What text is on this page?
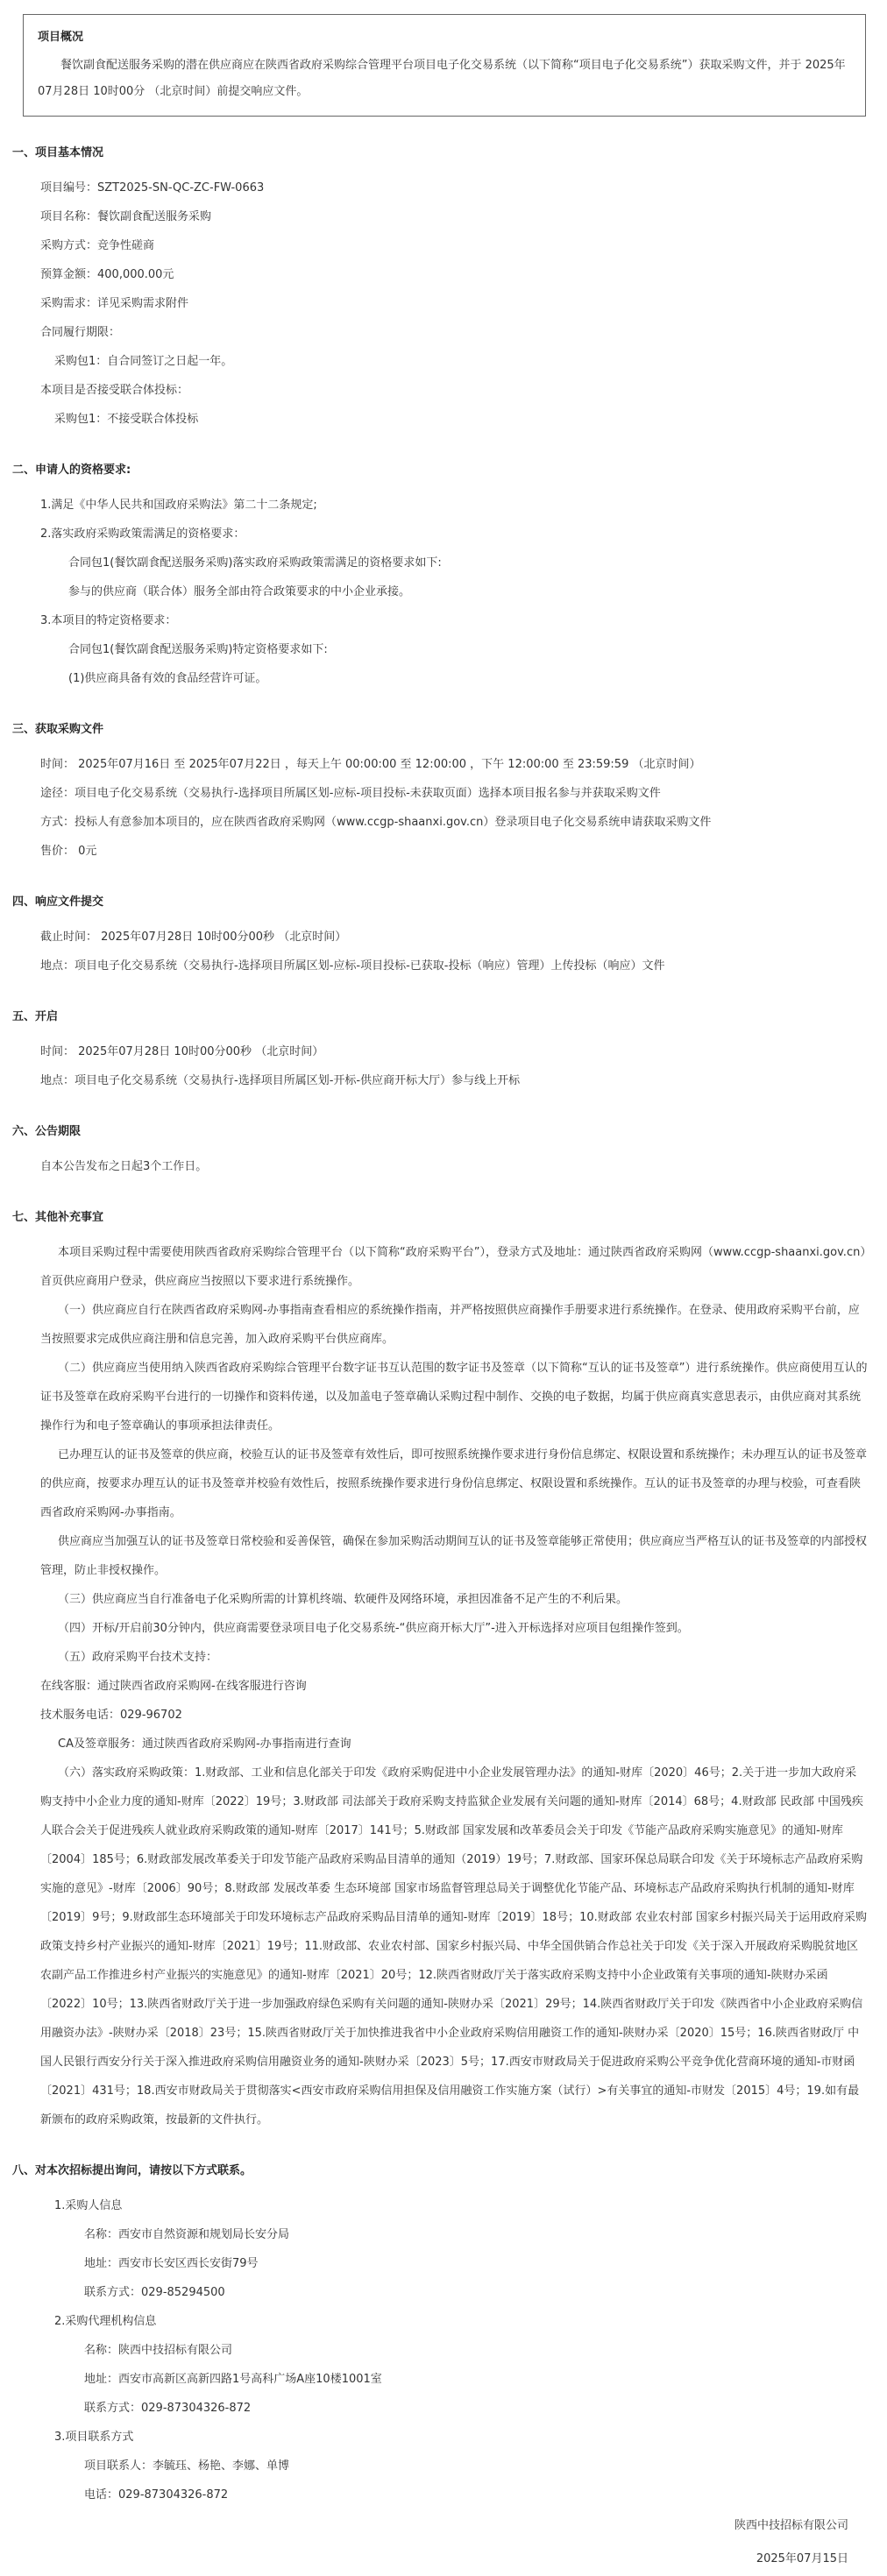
项目概况

餐饮副食配送服务采购的潜在供应商应在陕西省政府采购综合管理平台项目电子化交易系统（以下简称“项目电子化交易系统”）获取采购文件，并于 2025年07月28日 10时00分 （北京时间）前提交响应文件。

一、项目基本情况
项目编号：SZT2025-SN-QC-ZC-FW-0663
项目名称：餐饮副食配送服务采购
采购方式：竞争性磋商
预算金额：400,000.00元
采购需求：详见采购需求附件
合同履行期限：
采购包1：自合同签订之日起一年。
本项目是否接受联合体投标：
采购包1：不接受联合体投标
二、申请人的资格要求:
1.满足《中华人民共和国政府采购法》第二十二条规定;
2.落实政府采购政策需满足的资格要求：
合同包1(餐饮副食配送服务采购)落实政府采购政策需满足的资格要求如下:
参与的供应商（联合体）服务全部由符合政策要求的中小企业承接。
3.本项目的特定资格要求：
合同包1(餐饮副食配送服务采购)特定资格要求如下:
(1)供应商具备有效的食品经营许可证。
三、获取采购文件
时间： 2025年07月16日 至 2025年07月22日 ，每天上午 00:00:00 至 12:00:00 ，下午 12:00:00 至 23:59:59 （北京时间）
途径：项目电子化交易系统（交易执行-选择项目所属区划-应标-项目投标-未获取页面）选择本项目报名参与并获取采购文件
方式：投标人有意参加本项目的，应在陕西省政府采购网（www.ccgp-shaanxi.gov.cn）登录项目电子化交易系统申请获取采购文件
售价： 0元
四、响应文件提交
截止时间： 2025年07月28日 10时00分00秒 （北京时间）
地点：项目电子化交易系统（交易执行-选择项目所属区划-应标-项目投标-已获取-投标（响应）管理）上传投标（响应）文件
五、开启
时间： 2025年07月28日 10时00分00秒 （北京时间）
地点：项目电子化交易系统（交易执行-选择项目所属区划-开标-供应商开标大厅）参与线上开标
六、公告期限
自本公告发布之日起3个工作日。
七、其他补充事宜
本项目采购过程中需要使用陕西省政府采购综合管理平台（以下简称“政府采购平台”），登录方式及地址：通过陕西省政府采购网（www.ccgp-shaanxi.gov.cn）首页供应商用户登录，供应商应当按照以下要求进行系统操作。
（一）供应商应自行在陕西省政府采购网-办事指南查看相应的系统操作指南，并严格按照供应商操作手册要求进行系统操作。在登录、使用政府采购平台前，应当按照要求完成供应商注册和信息完善，加入政府采购平台供应商库。
（二）供应商应当使用纳入陕西省政府采购综合管理平台数字证书互认范围的数字证书及签章（以下简称“互认的证书及签章”）进行系统操作。供应商使用互认的证书及签章在政府采购平台进行的一切操作和资料传递，以及加盖电子签章确认采购过程中制作、交换的电子数据，均属于供应商真实意思表示，由供应商对其系统操作行为和电子签章确认的事项承担法律责任。
已办理互认的证书及签章的供应商，校验互认的证书及签章有效性后，即可按照系统操作要求进行身份信息绑定、权限设置和系统操作；未办理互认的证书及签章的供应商，按要求办理互认的证书及签章并校验有效性后，按照系统操作要求进行身份信息绑定、权限设置和系统操作。互认的证书及签章的办理与校验，可查看陕西省政府采购网-办事指南。
供应商应当加强互认的证书及签章日常校验和妥善保管，确保在参加采购活动期间互认的证书及签章能够正常使用；供应商应当严格互认的证书及签章的内部授权管理，防止非授权操作。
（三）供应商应当自行准备电子化采购所需的计算机终端、软硬件及网络环境，承担因准备不足产生的不利后果。
（四）开标/开启前30分钟内，供应商需要登录项目电子化交易系统-“供应商开标大厅”-进入开标选择对应项目包组操作签到。
（五）政府采购平台技术支持：
在线客服：通过陕西省政府采购网-在线客服进行咨询
技术服务电话：029-96702
CA及签章服务：通过陕西省政府采购网-办事指南进行查询
（六）落实政府采购政策：1.财政部、工业和信息化部关于印发《政府采购促进中小企业发展管理办法》的通知-财库〔2020〕46号；2.关于进一步加大政府采购支持中小企业力度的通知-财库〔2022〕19号；3.财政部 司法部关于政府采购支持监狱企业发展有关问题的通知-财库〔2014〕68号；4.财政部 民政部 中国残疾人联合会关于促进残疾人就业政府采购政策的通知-财库〔2017〕141号；5.财政部 国家发展和改革委员会关于印发《节能产品政府采购实施意见》的通知-财库〔2004〕185号；6.财政部发展改革委关于印发节能产品政府采购品目清单的通知（2019）19号；7.财政部、国家环保总局联合印发《关于环境标志产品政府采购实施的意见》-财库〔2006〕90号；8.财政部 发展改革委 生态环境部 国家市场监督管理总局关于调整优化节能产品、环境标志产品政府采购执行机制的通知-财库〔2019〕9号；9.财政部生态环境部关于印发环境标志产品政府采购品目清单的通知-财库〔2019〕18号；10.财政部 农业农村部 国家乡村振兴局关于运用政府采购政策支持乡村产业振兴的通知-财库〔2021〕19号；11.财政部、农业农村部、国家乡村振兴局、中华全国供销合作总社关于印发《关于深入开展政府采购脱贫地区农副产品工作推进乡村产业振兴的实施意见》的通知-财库〔2021〕20号；12.陕西省财政厅关于落实政府采购支持中小企业政策有关事项的通知-陕财办采函〔2022〕10号；13.陕西省财政厅关于进一步加强政府绿色采购有关问题的通知-陕财办采〔2021〕29号；14.陕西省财政厅关于印发《陕西省中小企业政府采购信用融资办法》-陕财办采〔2018〕23号；15.陕西省财政厅关于加快推进我省中小企业政府采购信用融资工作的通知-陕财办采〔2020〕15号；16.陕西省财政厅 中国人民银行西安分行关于深入推进政府采购信用融资业务的通知-陕财办采〔2023〕5号；17.西安市财政局关于促进政府采购公平竞争优化营商环境的通知-市财函〔2021〕431号；18.西安市财政局关于贯彻落实<西安市政府采购信用担保及信用融资工作实施方案（试行）>有关事宜的通知-市财发〔2015〕4号；19.如有最新颁布的政府采购政策，按最新的文件执行。
八、对本次招标提出询问，请按以下方式联系。
1.采购人信息
名称：西安市自然资源和规划局长安分局
地址：西安市长安区西长安街79号
联系方式：029-85294500
2.采购代理机构信息
名称：陕西中技招标有限公司
地址：西安市高新区高新四路1号高科广场A座10楼1001室
联系方式：029-87304326-872
3.项目联系方式
项目联系人：李毓珏、杨艳、李娜、单博
电话：029-87304326-872
陕西中技招标有限公司
2025年07月15日
